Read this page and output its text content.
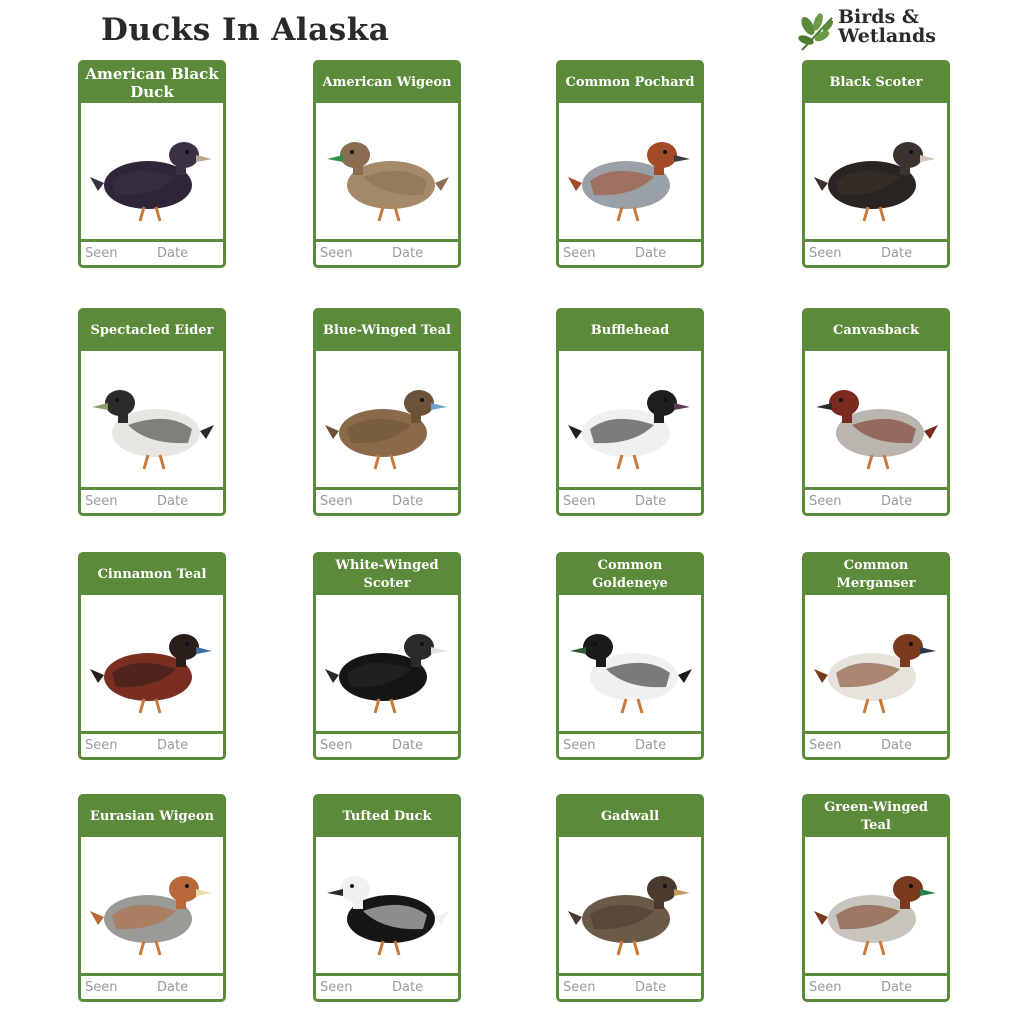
Ducks In Alaska	Birds &
Wetlands
American Black Duck
Seen	Date
American Wigeon
Seen	Date
Common Pochard
Seen	Date
Black Scoter
Seen	Date
Spectacled Eider
Seen	Date
Blue-Winged Teal
Seen	Date
Bufflehead
Seen	Date
Canvasback
Seen	Date
Cinnamon Teal
Seen	Date
White-Winged Scoter
Seen	Date
Common Goldeneye
Seen	Date
Common Merganser
Seen	Date
Eurasian Wigeon
Seen	Date
Tufted Duck
Seen	Date
Gadwall
Seen	Date
Green-Winged Teal
Seen	Date
